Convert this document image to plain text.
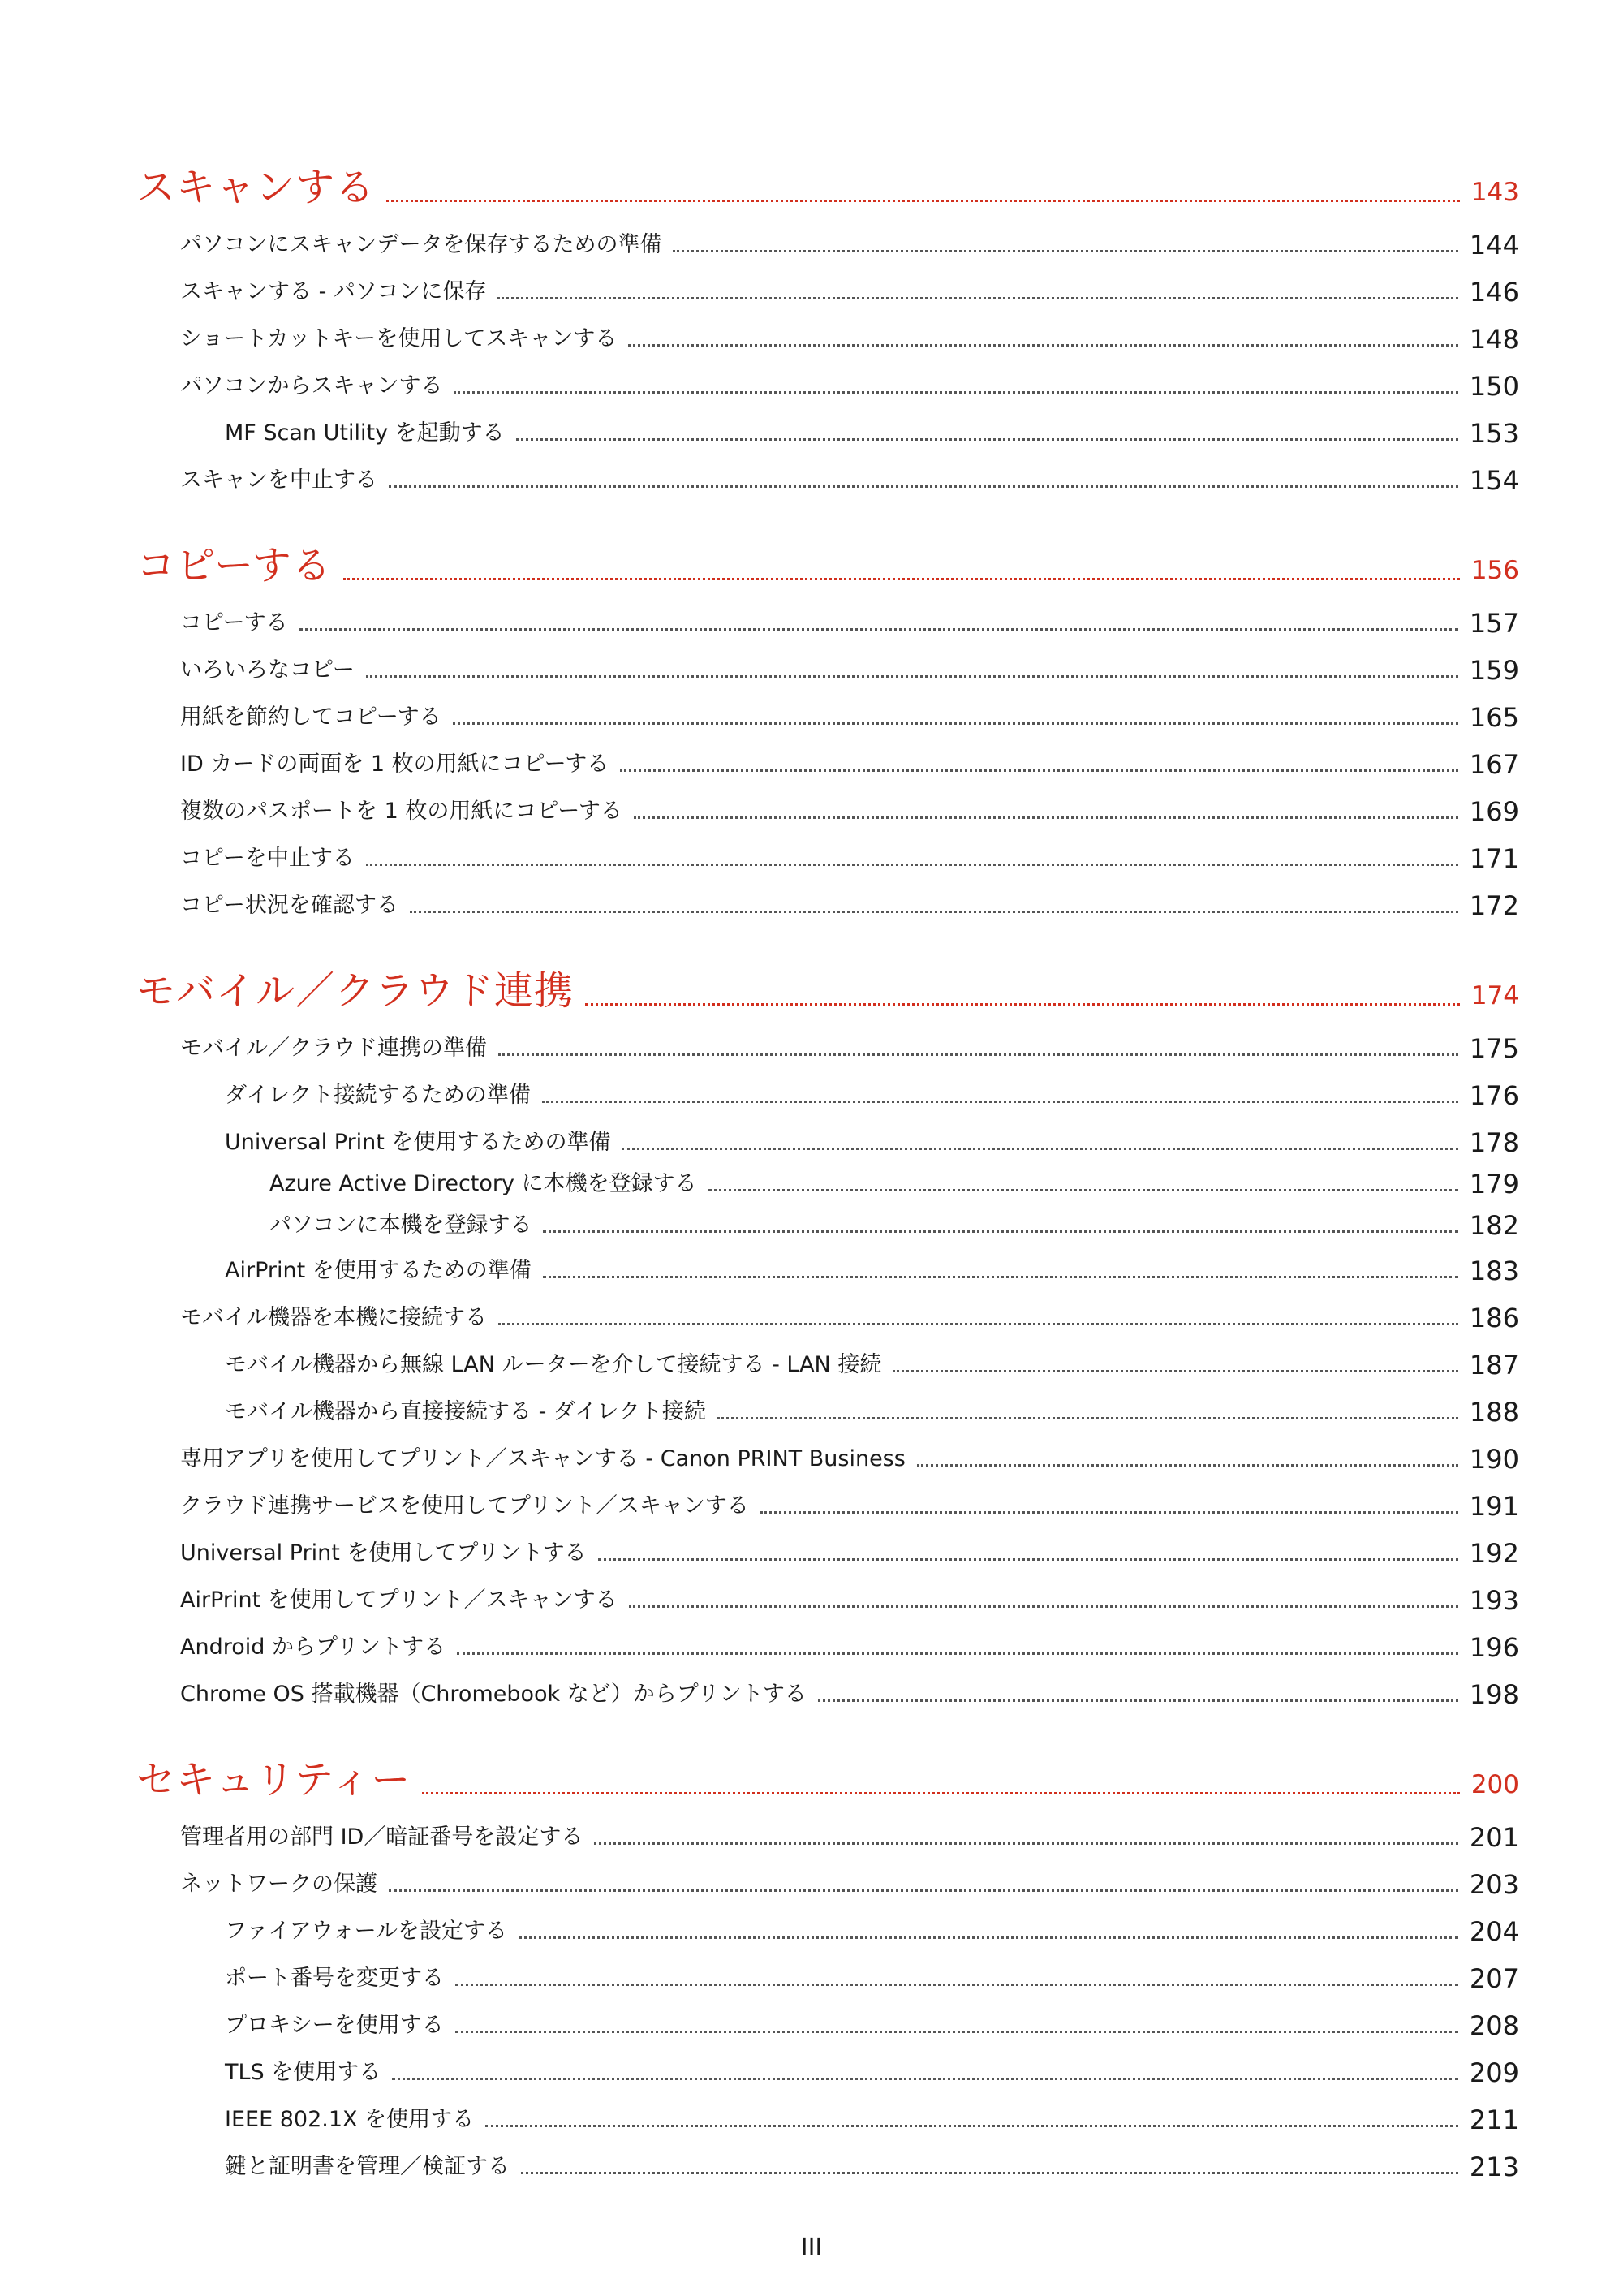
スキャンする	143
パソコンにスキャンデータを保存するための準備	144
スキャンする - パソコンに保存	146
ショートカットキーを使用してスキャンする	148
パソコンからスキャンする	150
MF Scan Utility を起動する	153
スキャンを中止する	154
コピーする	156
コピーする	157
いろいろなコピー	159
用紙を節約してコピーする	165
ID カードの両面を 1 枚の用紙にコピーする	167
複数のパスポートを 1 枚の用紙にコピーする	169
コピーを中止する	171
コピー状況を確認する	172
モバイル／クラウド連携	174
モバイル／クラウド連携の準備	175
ダイレクト接続するための準備	176
Universal Print を使用するための準備	178
Azure Active Directory に本機を登録する	179
パソコンに本機を登録する	182
AirPrint を使用するための準備	183
モバイル機器を本機に接続する	186
モバイル機器から無線 LAN ルーターを介して接続する - LAN 接続	187
モバイル機器から直接接続する - ダイレクト接続	188
専用アプリを使用してプリント／スキャンする - Canon PRINT Business	190
クラウド連携サービスを使用してプリント／スキャンする	191
Universal Print を使用してプリントする	192
AirPrint を使用してプリント／スキャンする	193
Android からプリントする	196
Chrome OS 搭載機器（Chromebook など）からプリントする	198
セキュリティー	200
管理者用の部門 ID／暗証番号を設定する	201
ネットワークの保護	203
ファイアウォールを設定する	204
ポート番号を変更する	207
プロキシーを使用する	208
TLS を使用する	209
IEEE 802.1X を使用する	211
鍵と証明書を管理／検証する	213
III
